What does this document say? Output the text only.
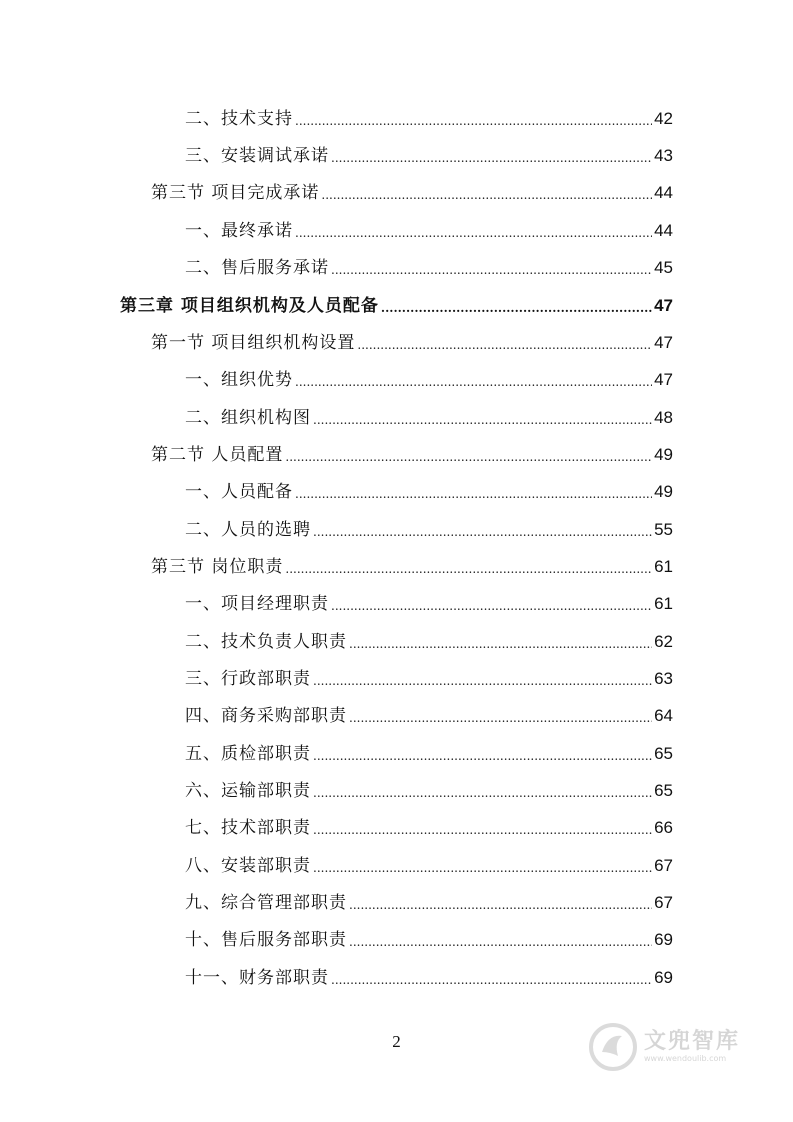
二、技术支持 .....	42
三、安装调试承诺 .....	43
第三节 项目完成承诺 .....	44
一、最终承诺 .....	44
二、售后服务承诺 .....	45
第三章 项目组织机构及人员配备 .....	47
第一节 项目组织机构设置 .....	47
一、组织优势 .....	47
二、组织机构图 .....	48
第二节 人员配置 .....	49
一、人员配备 .....	49
二、人员的选聘 .....	55
第三节 岗位职责 .....	61
一、项目经理职责 .....	61
二、技术负责人职责 .....	62
三、行政部职责 .....	63
四、商务采购部职责 .....	64
五、质检部职责 .....	65
六、运输部职责 .....	65
七、技术部职责 .....	66
八、安装部职责 .....	67
九、综合管理部职责 .....	67
十、售后服务部职责 .....	69
十一、财务部职责 .....	69
2	文兜智库
www.wendoulib.com
